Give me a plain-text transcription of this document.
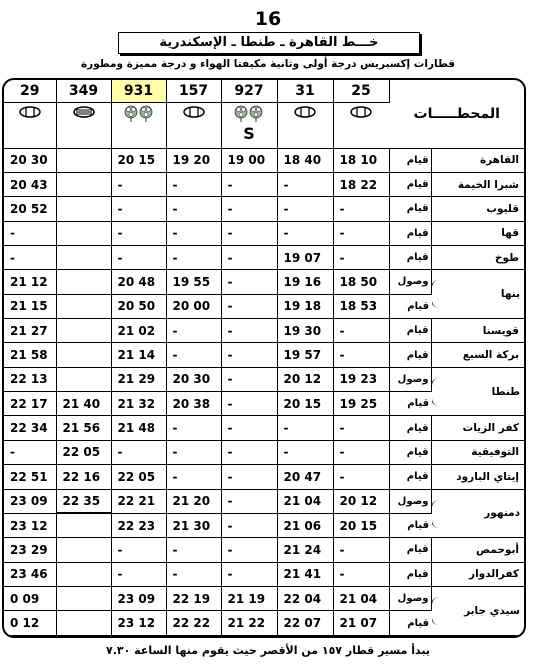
16
خـــط القاهرة ـ طنطا ـ الإسكندرية
قطارات إكسبريس درجة أولى وثانية مكيفتا الهواء و درجة مميزة ومطورة
29	349	931	157	927	31	25	المحطـــــات	

S

20 30		20 15	19 20	19 00	18 40	18 10	قيام	القاهرة
20 43		-	-	-	-	18 22	قيام	شبرا الخيمة
20 52		-	-	-	-	-	قيام	قليوب
-		-	-	-	-	-	قيام	قها
-		-	-	-	19 07	-	قيام	طوخ
21 12		20 48	19 55	-	19 16	18 50	وصول	بنها
21 15		20 50	20 00	-	19 18	18 53	قيام	
21 27		21 02	-	-	19 30	-	قيام	قويسنا
21 58		21 14	-	-	19 57	-	قيام	بركة السبع
22 13		21 29	20 30	-	20 12	19 23	وصول	طنطا
22 17	21 40	21 32	20 38	-	20 15	19 25	قيام	
22 34	21 56	21 48	-	-	-	-	قيام	كفر الزيات
-	22 05	-	-	-	-	-	قيام	التوفيقية
22 51	22 16	22 05	-	-	20 47	-	قيام	إيتاي البارود
23 09	22 35	22 21	21 20	-	21 04	20 12	وصول	دمنهور
23 12		22 23	21 30	-	21 06	20 15	قيام	
23 29		-	-	-	21 24	-	قيام	أبوحمص
23 46		-	-	-	21 41	-	قيام	كفرالدوار
0 09		23 09	22 19	21 19	22 04	21 04	وصول	سيدي جابر
0 12		23 12	22 22	21 22	22 07	21 07	قيام	

يبدأ مسير قطار ١٥٧ من الأقصر حيث يقوم منها الساعة ٧.٣٠
